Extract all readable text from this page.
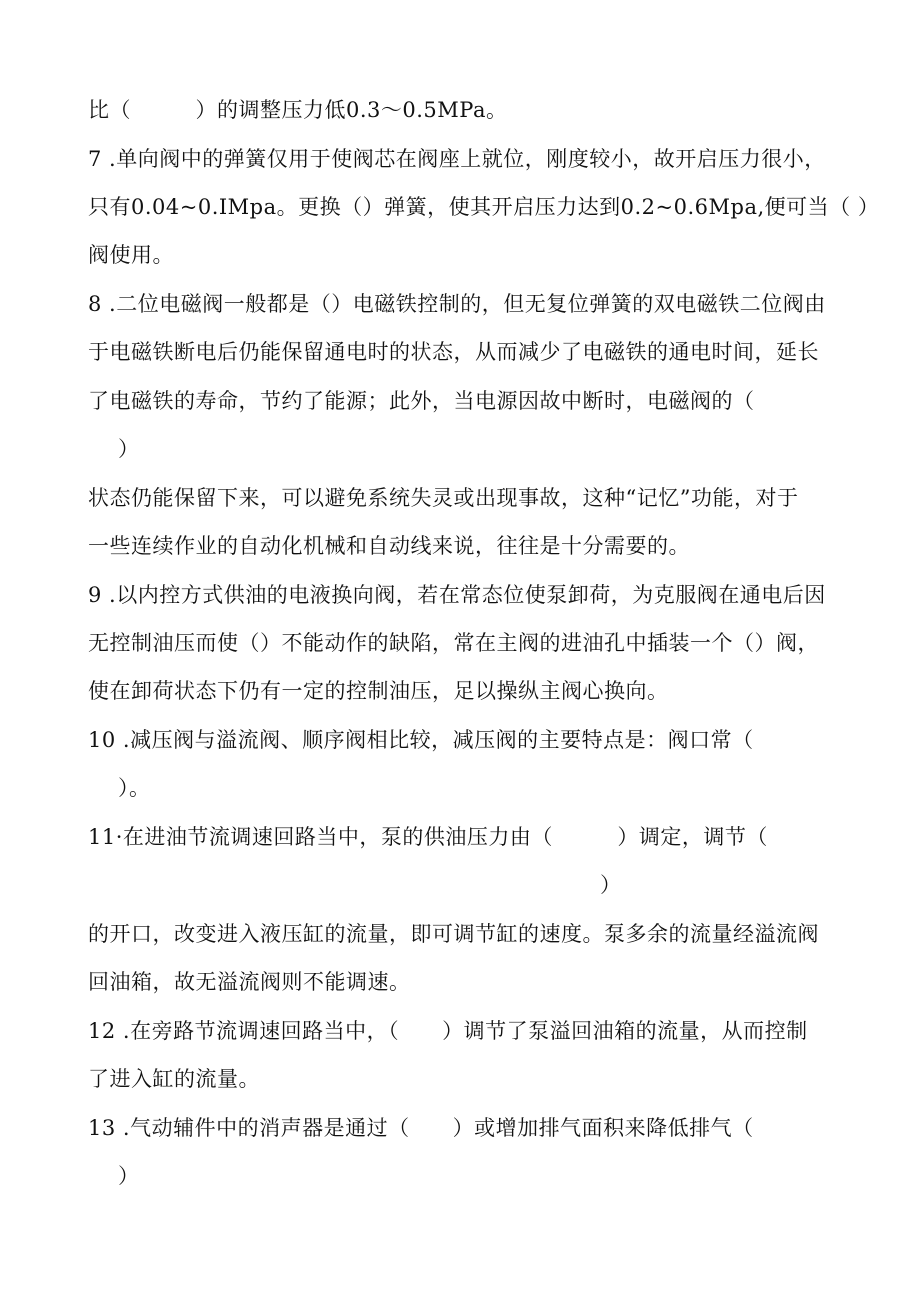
比（　　　）的调整压力低0.3～0.5MPa。
7 .单向阀中的弹簧仅用于使阀芯在阀座上就位，刚度较小，故开启压力很小，
只有0.04~0.IMpa。更换（）弹簧，使其开启压力达到0.2~0.6Mpa,便可当（ ）
阀使用。
8 .二位电磁阀一般都是（）电磁铁控制的，但无复位弹簧的双电磁铁二位阀由
于电磁铁断电后仍能保留通电时的状态，从而减少了电磁铁的通电时间，延长
了电磁铁的寿命，节约了能源；此外，当电源因故中断时，电磁阀的（
）
状态仍能保留下来，可以避免系统失灵或出现事故，这种“记忆”功能，对于
一些连续作业的自动化机械和自动线来说，往往是十分需要的。
9 .以内控方式供油的电液换向阀，若在常态位使泵卸荷，为克服阀在通电后因
无控制油压而使（）不能动作的缺陷，常在主阀的进油孔中插装一个（）阀，
使在卸荷状态下仍有一定的控制油压，足以操纵主阀心换向。
10 .减压阀与溢流阀、顺序阀相比较，减压阀的主要特点是：阀口常（
）。
11·在进油节流调速回路当中，泵的供油压力由（　　　）调定，调节（
）
的开口，改变进入液压缸的流量，即可调节缸的速度。泵多余的流量经溢流阀
回油箱，故无溢流阀则不能调速。
12 .在旁路节流调速回路当中，（　　）调节了泵溢回油箱的流量，从而控制
了进入缸的流量。
13 .气动辅件中的消声器是通过（　　）或增加排气面积来降低排气（
）
